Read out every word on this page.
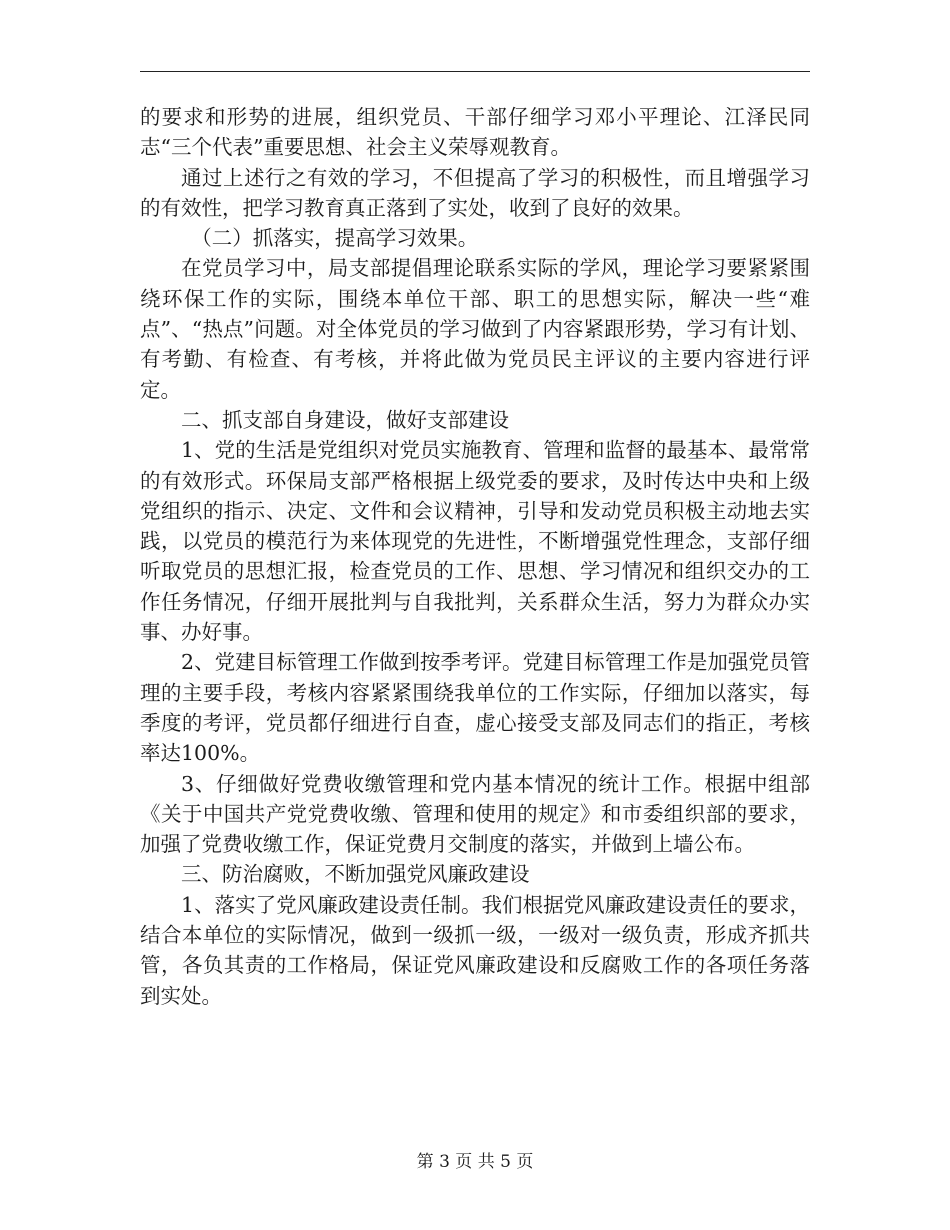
的要求和形势的进展，组织党员、干部仔细学习邓小平理论、江泽民同志“三个代表”重要思想、社会主义荣辱观教育。

通过上述行之有效的学习，不但提高了学习的积极性，而且增强学习的有效性，把学习教育真正落到了实处，收到了良好的效果。

（二）抓落实，提高学习效果。

在党员学习中，局支部提倡理论联系实际的学风，理论学习要紧紧围绕环保工作的实际，围绕本单位干部、职工的思想实际，解决一些“难点”、“热点”问题。对全体党员的学习做到了内容紧跟形势，学习有计划、有考勤、有检查、有考核，并将此做为党员民主评议的主要内容进行评定。

二、抓支部自身建设，做好支部建设

1、党的生活是党组织对党员实施教育、管理和监督的最基本、最常常的有效形式。环保局支部严格根据上级党委的要求，及时传达中央和上级党组织的指示、决定、文件和会议精神，引导和发动党员积极主动地去实践，以党员的模范行为来体现党的先进性，不断增强党性理念，支部仔细听取党员的思想汇报，检查党员的工作、思想、学习情况和组织交办的工作任务情况，仔细开展批判与自我批判，关系群众生活，努力为群众办实事、办好事。

2、党建目标管理工作做到按季考评。党建目标管理工作是加强党员管理的主要手段，考核内容紧紧围绕我单位的工作实际，仔细加以落实，每季度的考评，党员都仔细进行自查，虚心接受支部及同志们的指正，考核率达100%。

3、仔细做好党费收缴管理和党内基本情况的统计工作。根据中组部《关于中国共产党党费收缴、管理和使用的规定》和市委组织部的要求，加强了党费收缴工作，保证党费月交制度的落实，并做到上墙公布。

三、防治腐败，不断加强党风廉政建设

1、落实了党风廉政建设责任制。我们根据党风廉政建设责任的要求，结合本单位的实际情况，做到一级抓一级，一级对一级负责，形成齐抓共管，各负其责的工作格局，保证党风廉政建设和反腐败工作的各项任务落到实处。

第 3 页 共 5 页
